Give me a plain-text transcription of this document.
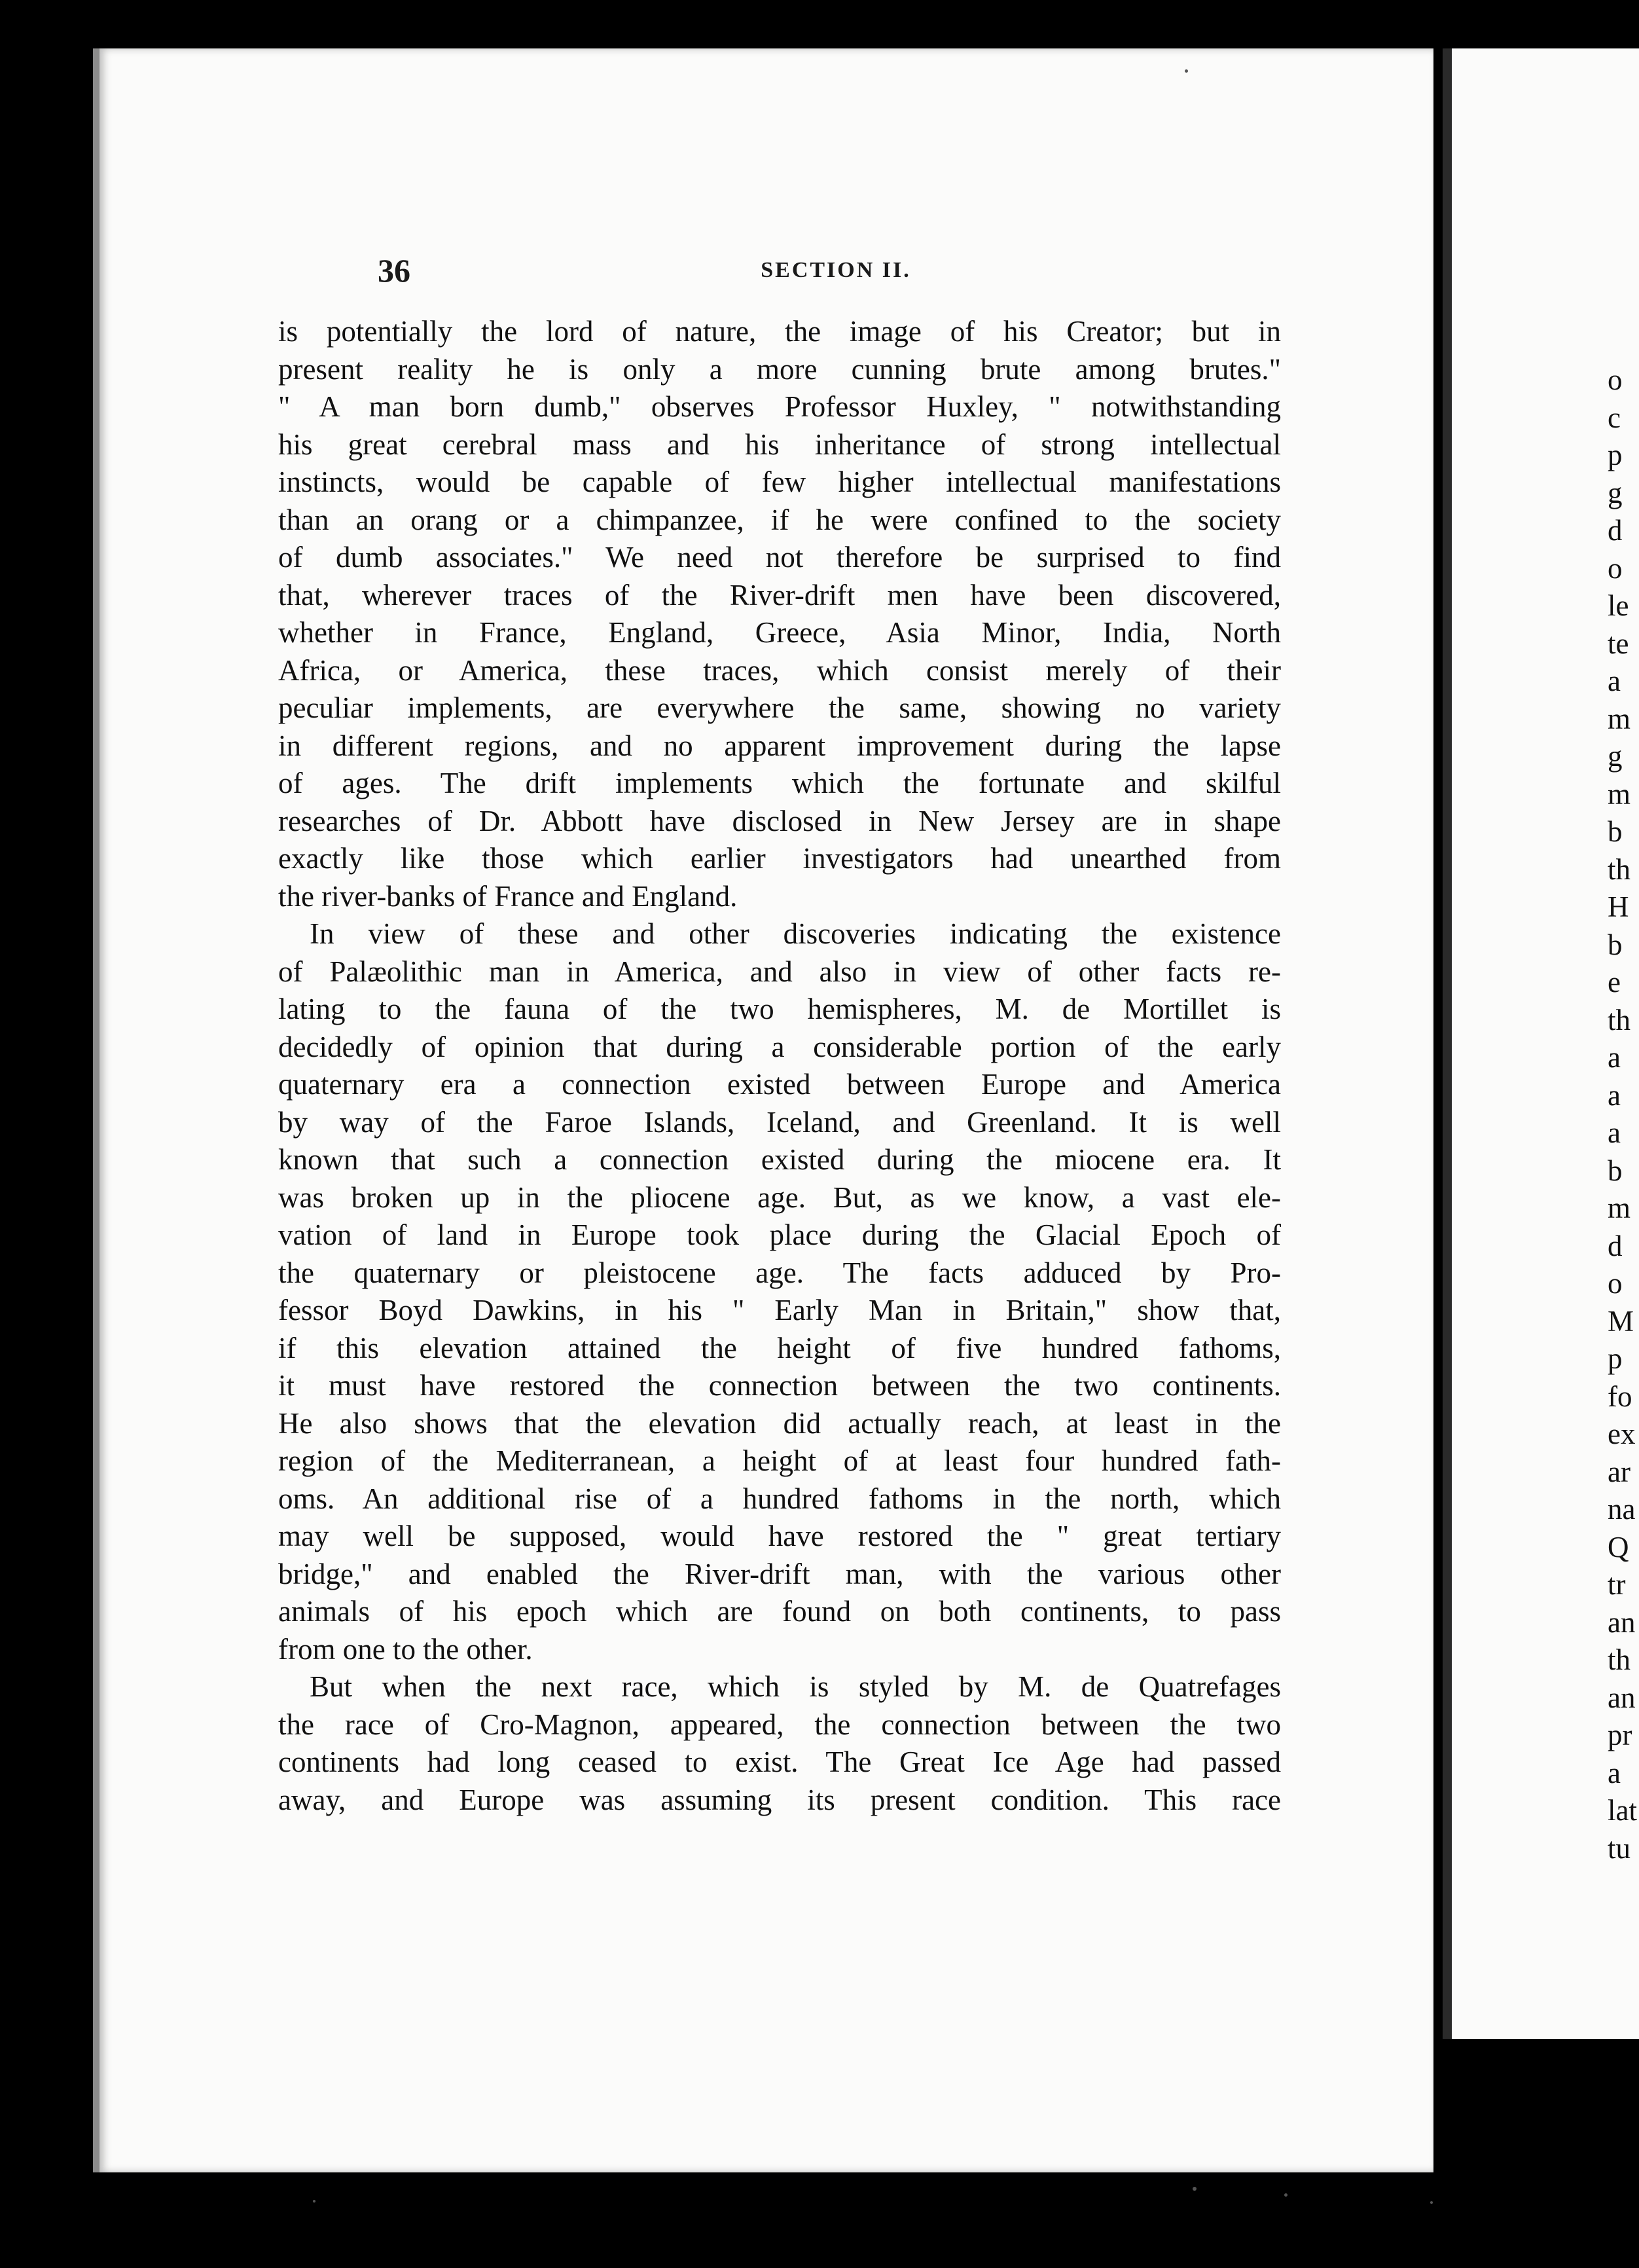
36	SECTION II.
is potentially the lord of nature, the image of his Creator; but in
present reality he is only a more cunning brute among brutes."
" A man born dumb," observes Professor Huxley, " notwithstanding
his great cerebral mass and his inheritance of strong intellectual
instincts, would be capable of few higher intellectual manifestations
than an orang or a chimpanzee, if he were confined to the society
of dumb associates." We need not therefore be surprised to find
that, wherever traces of the River-drift men have been discovered,
whether in France, England, Greece, Asia Minor, India, North
Africa, or America, these traces, which consist merely of their
peculiar implements, are everywhere the same, showing no variety
in different regions, and no apparent improvement during the lapse
of ages. The drift implements which the fortunate and skilful
researches of Dr. Abbott have disclosed in New Jersey are in shape
exactly like those which earlier investigators had unearthed from
the river-banks of France and England.
In view of these and other discoveries indicating the existence
of Palæolithic man in America, and also in view of other facts re-
lating to the fauna of the two hemispheres, M. de Mortillet is
decidedly of opinion that during a considerable portion of the early
quaternary era a connection existed between Europe and America
by way of the Faroe Islands, Iceland, and Greenland. It is well
known that such a connection existed during the miocene era. It
was broken up in the pliocene age. But, as we know, a vast ele-
vation of land in Europe took place during the Glacial Epoch of
the quaternary or pleistocene age. The facts adduced by Pro-
fessor Boyd Dawkins, in his " Early Man in Britain," show that,
if this elevation attained the height of five hundred fathoms,
it must have restored the connection between the two continents.
He also shows that the elevation did actually reach, at least in the
region of the Mediterranean, a height of at least four hundred fath-
oms. An additional rise of a hundred fathoms in the north, which
may well be supposed, would have restored the " great tertiary
bridge," and enabled the River-drift man, with the various other
animals of his epoch which are found on both continents, to pass
from one to the other.
But when the next race, which is styled by M. de Quatrefages
the race of Cro-Magnon, appeared, the connection between the two
continents had long ceased to exist. The Great Ice Age had passed
away, and Europe was assuming its present condition. This race
o
c
p
g
d
o
le
te
a
m
g
m
b
th
H
b
e
th
a
a
a
b
m
d
o
M
p
fo
ex
ar
na
Q
tr
an
th
an
pr
a
lat
tu
